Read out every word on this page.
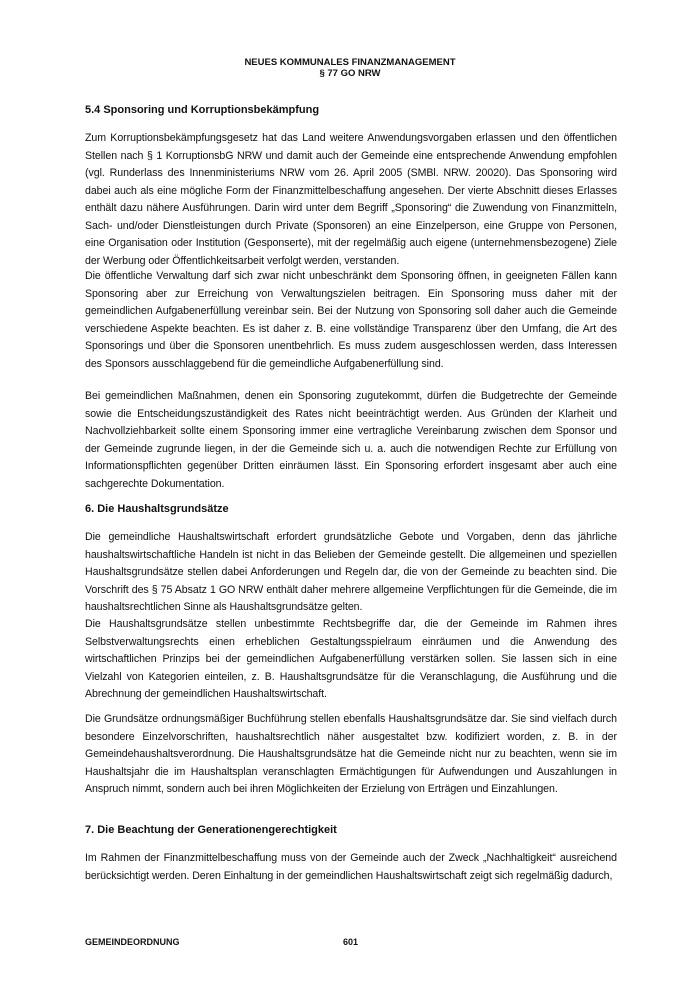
NEUES KOMMUNALES FINANZMANAGEMENT
§ 77 GO NRW
5.4 Sponsoring und Korruptionsbekämpfung
Zum Korruptionsbekämpfungsgesetz hat das Land weitere Anwendungsvorgaben erlassen und den öffentlichen Stellen nach § 1 KorruptionsbG NRW und damit auch der Gemeinde eine entsprechende Anwendung empfohlen (vgl. Runderlass des Innenministeriums NRW vom 26. April 2005 (SMBl. NRW. 20020). Das Sponsoring wird dabei auch als eine mögliche Form der Finanzmittelbeschaffung angesehen. Der vierte Abschnitt dieses Erlasses enthält dazu nähere Ausführungen. Darin wird unter dem Begriff „Sponsoring“ die Zuwendung von Finanzmitteln, Sach- und/oder Dienstleistungen durch Private (Sponsoren) an eine Einzelperson, eine Gruppe von Personen, eine Organisation oder Institution (Gesponserte), mit der regelmäßig auch eigene (unternehmensbezogene) Ziele der Werbung oder Öffentlichkeitsarbeit verfolgt werden, verstanden.
Die öffentliche Verwaltung darf sich zwar nicht unbeschränkt dem Sponsoring öffnen, in geeigneten Fällen kann Sponsoring aber zur Erreichung von Verwaltungszielen beitragen. Ein Sponsoring muss daher mit der gemeindlichen Aufgabenerfüllung vereinbar sein. Bei der Nutzung von Sponsoring soll daher auch die Gemeinde verschiedene Aspekte beachten. Es ist daher z. B. eine vollständige Transparenz über den Umfang, die Art des Sponsorings und über die Sponsoren unentbehrlich. Es muss zudem ausgeschlossen werden, dass Interessen des Sponsors ausschlaggebend für die gemeindliche Aufgabenerfüllung sind.
Bei gemeindlichen Maßnahmen, denen ein Sponsoring zugutekommt, dürfen die Budgetrechte der Gemeinde sowie die Entscheidungszuständigkeit des Rates nicht beeinträchtigt werden. Aus Gründen der Klarheit und Nachvollziehbarkeit sollte einem Sponsoring immer eine vertragliche Vereinbarung zwischen dem Sponsor und der Gemeinde zugrunde liegen, in der die Gemeinde sich u. a. auch die notwendigen Rechte zur Erfüllung von Informationspflichten gegenüber Dritten einräumen lässt. Ein Sponsoring erfordert insgesamt aber auch eine sachgerechte Dokumentation.
6. Die Haushaltsgrundsätze
Die gemeindliche Haushaltswirtschaft erfordert grundsätzliche Gebote und Vorgaben, denn das jährliche haushaltswirtschaftliche Handeln ist nicht in das Belieben der Gemeinde gestellt. Die allgemeinen und speziellen Haushaltsgrundsätze stellen dabei Anforderungen und Regeln dar, die von der Gemeinde zu beachten sind. Die Vorschrift des § 75 Absatz 1 GO NRW enthält daher mehrere allgemeine Verpflichtungen für die Gemeinde, die im haushaltsrechtlichen Sinne als Haushaltsgrundsätze gelten.
Die Haushaltsgrundsätze stellen unbestimmte Rechtsbegriffe dar, die der Gemeinde im Rahmen ihres Selbstverwaltungsrechts einen erheblichen Gestaltungsspielraum einräumen und die Anwendung des wirtschaftlichen Prinzips bei der gemeindlichen Aufgabenerfüllung verstärken sollen. Sie lassen sich in eine Vielzahl von Kategorien einteilen, z. B. Haushaltsgrundsätze für die Veranschlagung, die Ausführung und die Abrechnung der gemeindlichen Haushaltswirtschaft.
Die Grundsätze ordnungsmäßiger Buchführung stellen ebenfalls Haushaltsgrundsätze dar. Sie sind vielfach durch besondere Einzelvorschriften, haushaltsrechtlich näher ausgestaltet bzw. kodifiziert worden, z. B. in der Gemeindehaushaltsverordnung. Die Haushaltsgrundsätze hat die Gemeinde nicht nur zu beachten, wenn sie im Haushaltsjahr die im Haushaltsplan veranschlagten Ermächtigungen für Aufwendungen und Auszahlungen in Anspruch nimmt, sondern auch bei ihren Möglichkeiten der Erzielung von Erträgen und Einzahlungen.
7. Die Beachtung der Generationengerechtigkeit
Im Rahmen der Finanzmittelbeschaffung muss von der Gemeinde auch der Zweck „Nachhaltigkeit“ ausreichend berücksichtigt werden. Deren Einhaltung in der gemeindlichen Haushaltswirtschaft zeigt sich regelmäßig dadurch,
GEMEINDEORDNUNG	601
